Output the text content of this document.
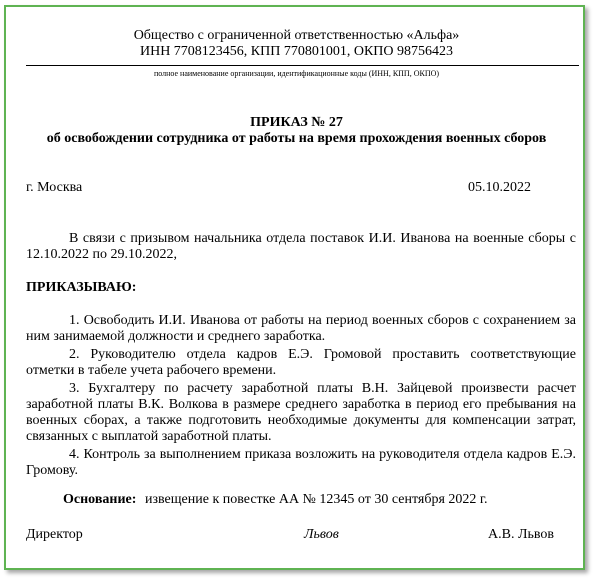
Общество с ограниченной ответственностью «Альфа»
ИНН 7708123456, КПП 770801001, ОКПО 98756423
полное наименование организации, идентификационные коды (ИНН, КПП, ОКПО)
ПРИКАЗ № 27
об освобождении сотрудника от работы на время прохождения военных сборов
г. Москва	05.10.2022
В связи с призывом начальника отдела поставок И.И. Иванова на военные сборы с 12.10.2022 по 29.10.2022,
ПРИКАЗЫВАЮ:
1. Освободить И.И. Иванова от работы на период военных сборов с сохранением за ним занимаемой должности и среднего заработка.
2. Руководителю отдела кадров Е.Э. Громовой проставить соответствующие отметки в табеле учета рабочего времени.
3. Бухгалтеру по расчету заработной платы В.Н. Зайцевой произвести расчет заработной платы В.К. Волкова в размере среднего заработка в период его пребывания на военных сборах, а также подготовить необходимые документы для компенсации затрат, связанных с выплатой заработной платы.
4. Контроль за выполнением приказа возложить на руководителя отдела кадров Е.Э. Громову.
Основание: извещение к повестке АА № 12345 от 30 сентября 2022 г.
Директор	Львов	А.В. Львов
